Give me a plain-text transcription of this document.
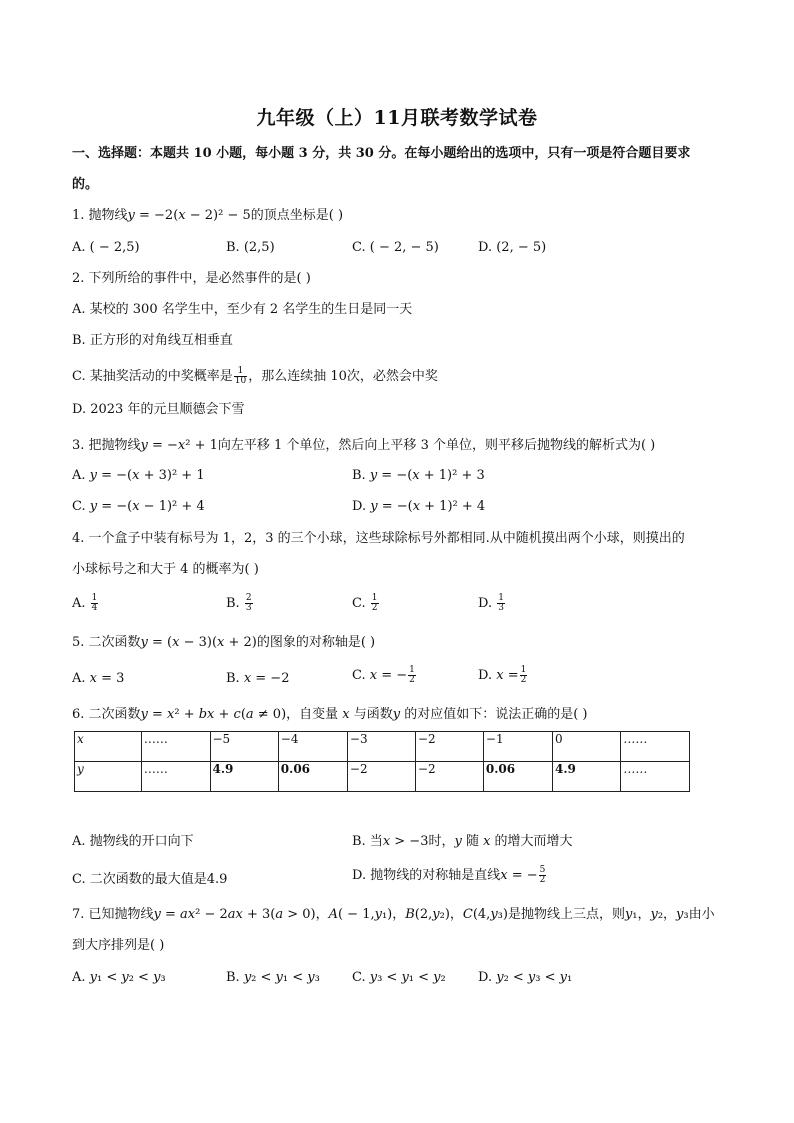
九年级（上）11月联考数学试卷
一、选择题：本题共 10 小题，每小题 3 分，共 30 分。在每小题给出的选项中，只有一项是符合题目要求
的。
1. 抛物线𝑦 = −2(𝑥 − 2)² − 5的顶点坐标是( )
A. ( − 2,5)	B. (2,5)	C. ( − 2, − 5)	D. (2, − 5)
2. 下列所给的事件中，是必然事件的是( )
A. 某校的 300 名学生中，至少有 2 名学生的生日是同一天
B. 正方形的对角线互相垂直
C. 某抽奖活动的中奖概率是 $\frac{1}{10}$ ，那么连续抽 10次，必然会中奖
D. 2023 年的元旦顺德会下雪
3. 把抛物线𝑦 = −𝑥² + 1向左平移 1 个单位，然后向上平移 3 个单位，则平移后抛物线的解析式为( )
A. 𝑦 = −(𝑥 + 3)² + 1	B. 𝑦 = −(𝑥 + 1)² + 3
C. 𝑦 = −(𝑥 − 1)² + 4	D. 𝑦 = −(𝑥 + 1)² + 4
4. 一个盒子中装有标号为 1，2，3 的三个小球，这些球除标号外都相同.从中随机摸出两个小球，则摸出的
小球标号之和大于 4 的概率为( )
A. $\frac{1}{4}$	B. $\frac{2}{3}$	C. $\frac{1}{2}$	D. $\frac{1}{3}$
5. 二次函数𝑦 = (𝑥 − 3)(𝑥 + 2)的图象的对称轴是( )
A. 𝑥 = 3	B. 𝑥 = −2	C. 𝑥 = − $\frac{1}{2}$	D. 𝑥 = $\frac{1}{2}$
6. 二次函数𝑦 = 𝑥² + 𝑏𝑥 + 𝑐(𝑎 ≠ 0)，自变量 𝑥 与函数𝑦 的对应值如下：说法正确的是( )
𝑥	……	−5	−4	−3	−2	−1	0	……
𝑦	……	4.9	0.06	−2	−2	0.06	4.9	……
A. 抛物线的开口向下	B. 当𝑥 > −3时，𝑦 随 𝑥 的增大而增大
C. 二次函数的最大值是4.9	D. 抛物线的对称轴是直线𝑥 = − $\frac{5}{2}$
7. 已知抛物线𝑦 = 𝑎𝑥² − 2𝑎𝑥 + 3(𝑎 > 0)，𝐴( − 1,𝑦₁)，𝐵(2,𝑦₂)，𝐶(4,𝑦₃)是抛物线上三点，则𝑦₁，𝑦₂，𝑦₃由小
到大序排列是( )
A. 𝑦₁ < 𝑦₂ < 𝑦₃	B. 𝑦₂ < 𝑦₁ < 𝑦₃ C. 𝑦₃ < 𝑦₁ < 𝑦₂ D. 𝑦₂ < 𝑦₃ < 𝑦₁
